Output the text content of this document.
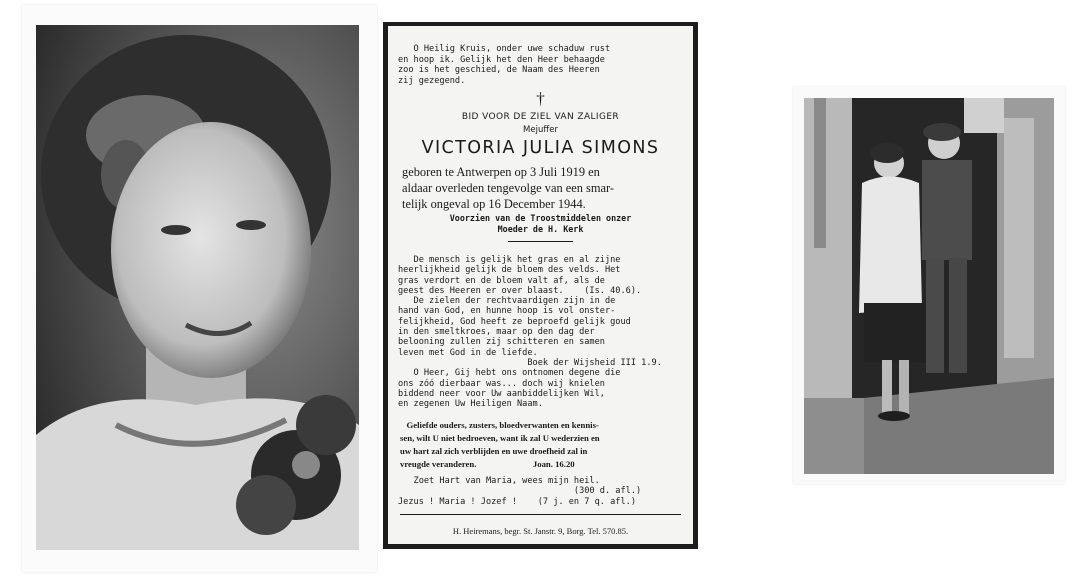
O Heilig Kruis, onder uwe schaduw rust
en hoop ik. Gelijk het den Heer behaagde
zoo is het geschied, de Naam des Heeren
zij gezegend.
†
BID VOOR DE ZIEL VAN ZALIGER
Mejuffer
VICTORIA JULIA SIMONS
geboren te Antwerpen op 3 Juli 1919 en
aldaar overleden tengevolge van een smar-
telijk ongeval op 16 December 1944.
Voorzien van de Troostmiddelen onzer
Moeder de H. Kerk
De mensch is gelijk het gras en al zijne
heerlijkheid gelijk de bloem des velds. Het
gras verdort en de bloem valt af, als de
geest des Heeren er over blaast.    (Is. 40.6).
De zielen der rechtvaardigen zijn in de
hand van God, en hunne hoop is vol onster-
felijkheid, God heeft ze beproefd gelijk goud
in den smeltkroes, maar op den dag der
belooning zullen zij schitteren en samen
leven met God in de liefde.
Boek der Wijsheid III 1.9.
O Heer, Gij hebt ons ontnomen degene die
ons zóó dierbaar was... doch wij knielen
biddend neer voor Uw aanbiddelijken Wil,
en zegenen Uw Heiligen Naam.
Geliefde ouders, zusters, bloedverwanten en kennis-
sen, wilt U niet bedroeven, want ik zal U wederzien en
uw hart zal zich verblijden en uwe droefheid zal in
vreugde veranderen.                          Joan. 16.20
Zoet Hart van Maria, wees mijn heil.
(300 d. afl.)
Jezus ! Maria ! Jozef !    (7 j. en 7 q. afl.)
H. Heiremans, begr. St. Janstr. 9, Borg. Tel. 570.85.
